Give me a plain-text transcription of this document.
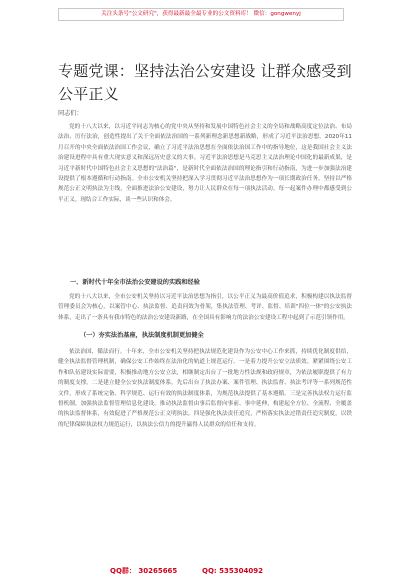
关注头条号"公文研究"，获得最新最全最专业的公文资料库！ 微信：gongwenyj
专题党课：坚持法治公安建设 让群众感受到公平正义
同志们：

党的十八大以来，以习近平同志为核心的党中央从坚持和发展中国特色社会主义的全局和战略高度定位法治、布局法治、厉行法治，创造性提出了关于全面依法治国的一系列新理念新思想新战略，形成了习近平法治思想。2020年11月召开的中央全面依法治国工作会议，确立了习近平法治思想在全面依法治国工作中的指导地位，这是我国社会主义法治建设进程中具有重大现实意义和深远历史意义的大事。习近平法治思想是马克思主义法治理论中国化的最新成果，是习近平新时代中国特色社会主义思想的"法治篇"，是新时代全面依法治国的理论指引和行动指南，为进一步加强法治建设提供了根本遵循和行动指南。全市公安机关坚持把深入学习贯彻习近平法治思想作为一项长期政治任务，坚持以严格规范公正文明执法为主线，全面推进法治公安建设，努力让人民群众在每一项执法活动、每一起案件办理中都感受到公平正义。现结合工作实际，谈一些认识和体会。

一、新时代十年全市法治公安建设的实践和经验

党的十八大以来，全市公安机关坚持以习近平法治思想为指引，以公平正义为最高价值追求，积极构建以执法监督管理委员会为核心，以案管中心、执法监督、追责问效为骨架，集执法管理、考评、监督、培训"四位一体"的公安执法体系，走出了一条具有我市特色的法治公安建设新路，在全国具有影响力的法治公安建设工程中起到了示范引领作用。

（一）夯实法治基座，执法制度机制更加健全

依法治国，循法而行。十年来，全市公安机关坚持把执法规范化建设作为公安中心工作来抓，持续优化制度供给，健全执法监督管理机制，确保公安工作始终在法治化的轨道上规范运行。一是着力提升公安立法质效。紧紧围绕公安工作和队伍建设实际需要，积极推动地方公安立法，相继制定出台了一批地方性法规和政府规章，为依法履职提供了有力的制度支撑。二是建立健全公安执法制度体系。先后出台了执法办案、案件管理、执法监督、执法考评等一系列规范性文件，形成了系统完备、科学规范、运行有效的执法制度体系，为规范执法提供了基本遵循。三是完善执法权力运行监督机制，加强执法监督管理信息化建设，推动执法监督由事后监督向事前、事中延伸，构建起全方位、全流程、全覆盖的执法监督体系，有效促进了严格规范公正文明执法。四是强化执法责任追究，严格落实执法过错责任追究制度，以铁的纪律保障执法权力规范运行，以执法公信力的提升赢得人民群众的信任和支持。

QQ群： 30265665	QQ: 535304092
